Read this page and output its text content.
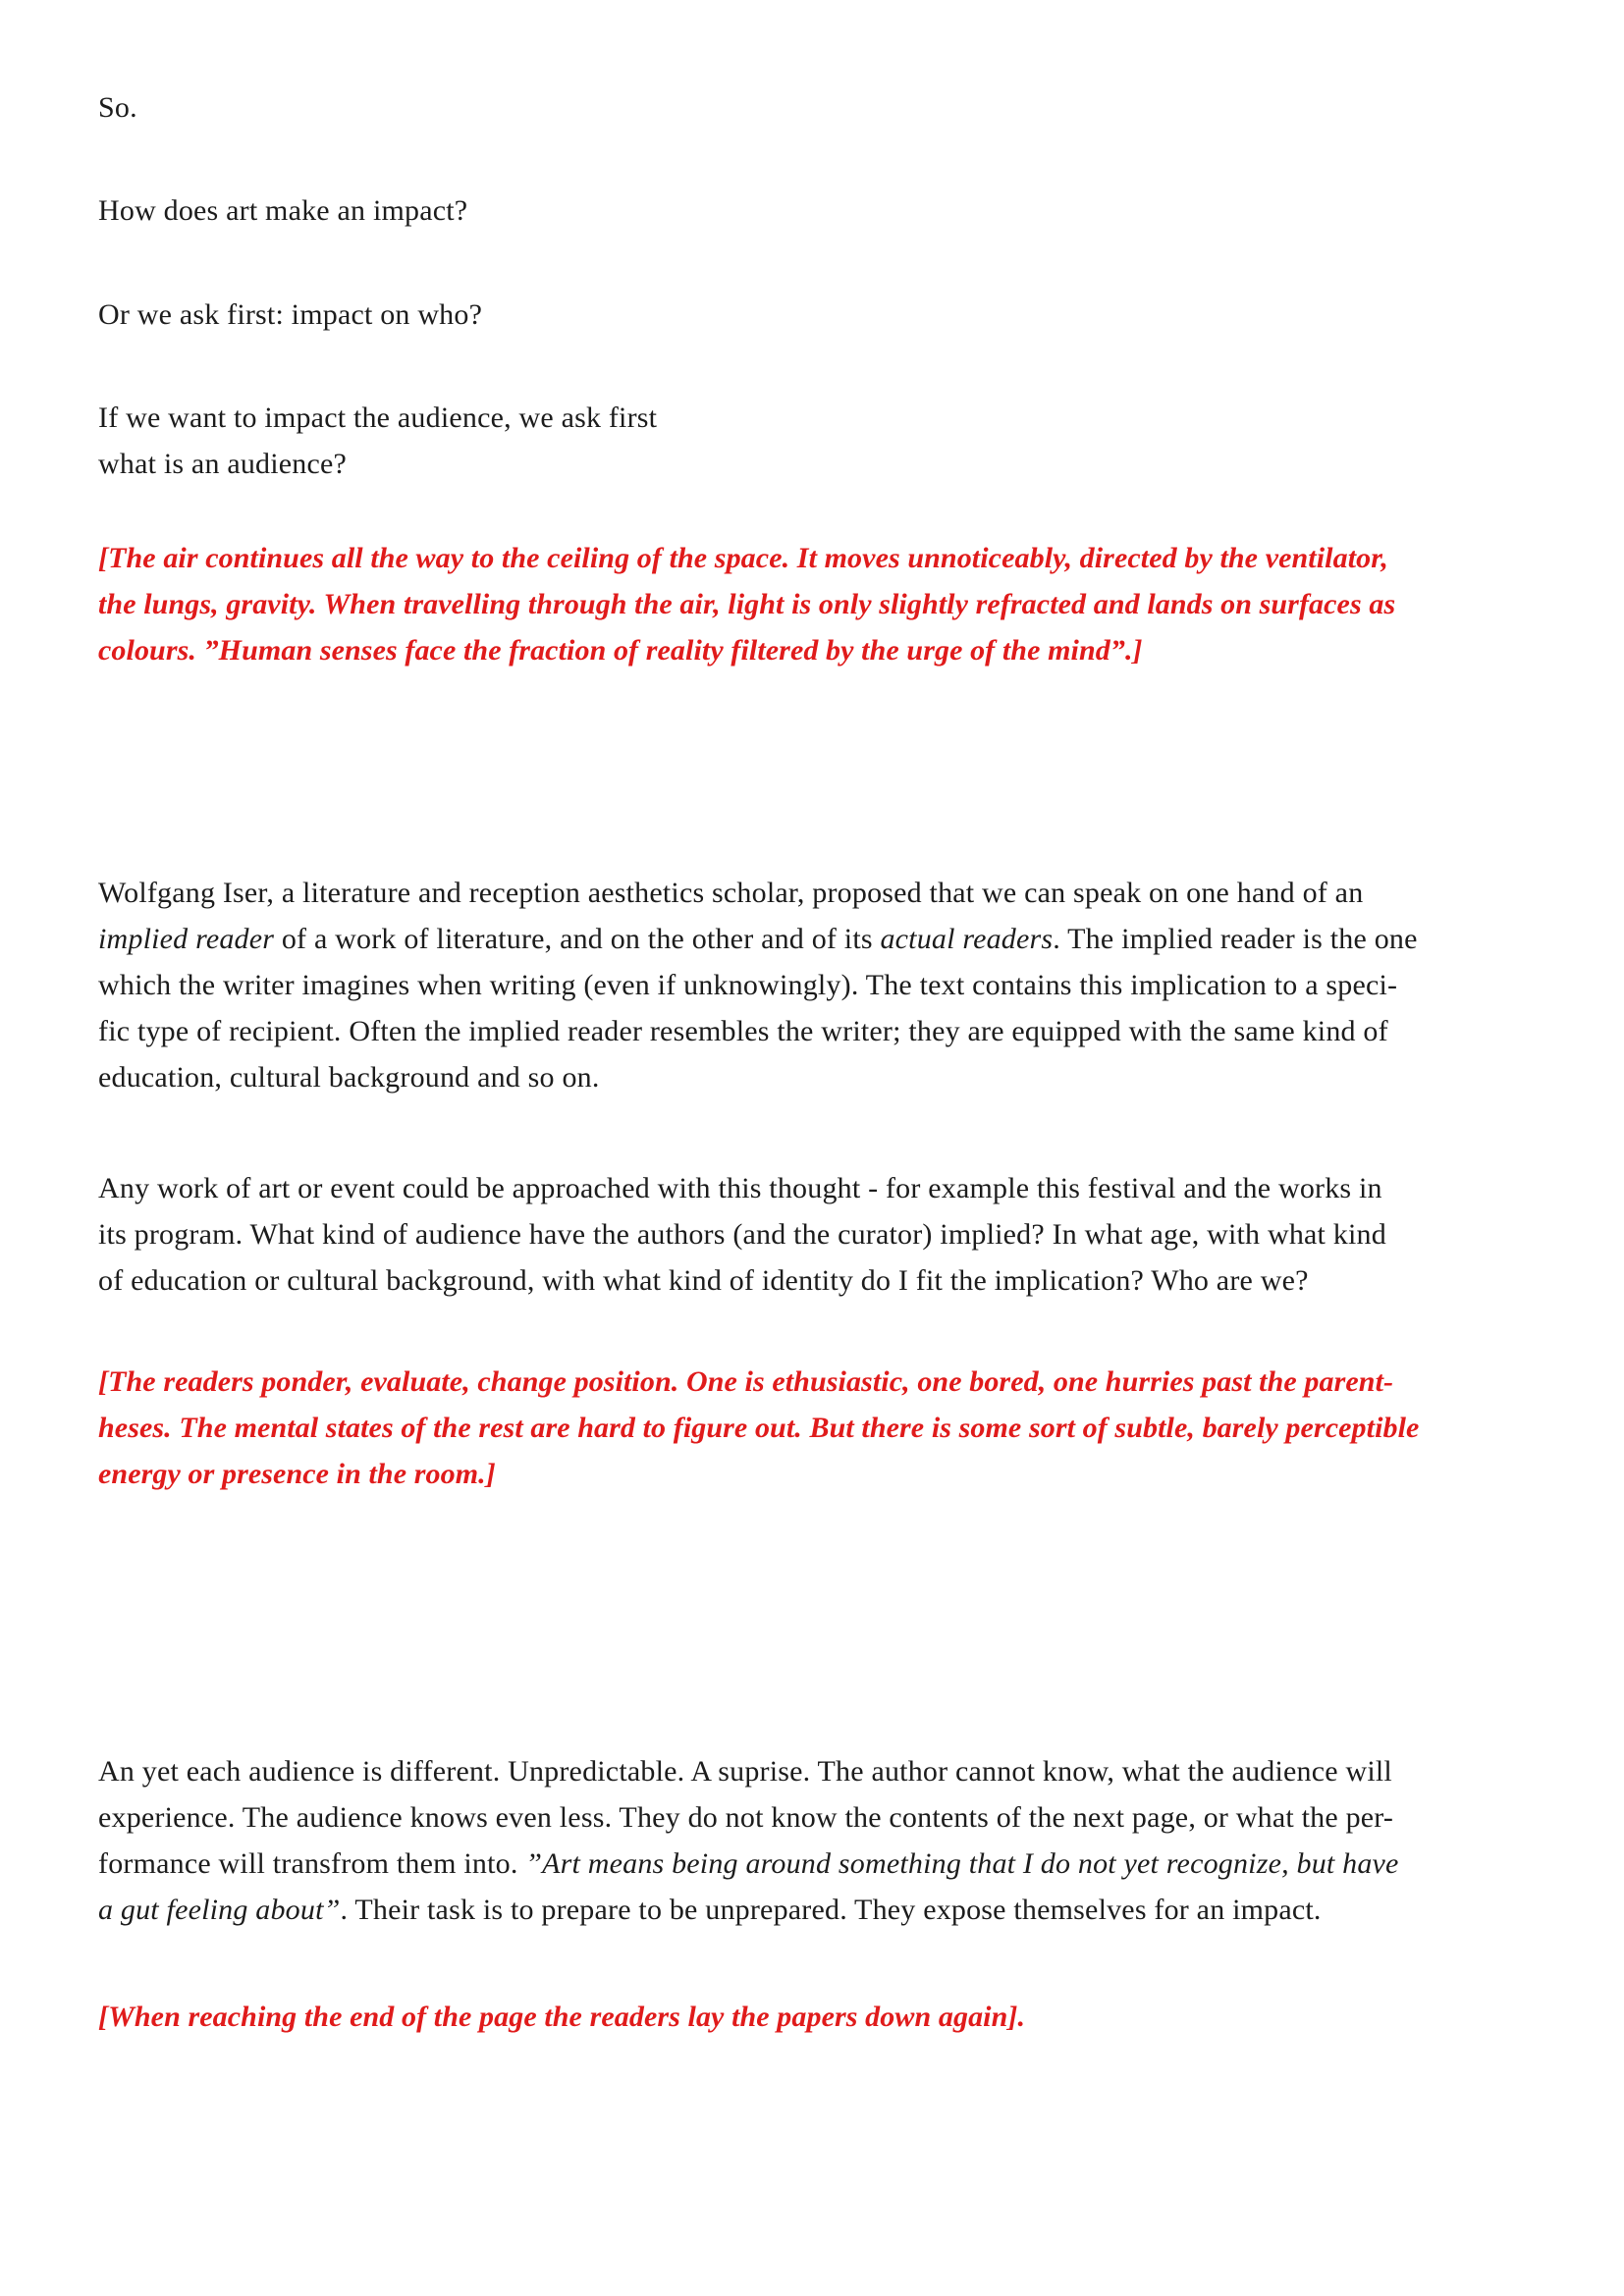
So.

How does art make an impact?

Or we ask first: impact on who?

If we want to impact the audience, we ask first
what is an audience?

[The air continues all the way to the ceiling of the space. It moves unnoticeably, directed by the ventilator,
the lungs, gravity. When travelling through the air, light is only slightly refracted and lands on surfaces as
colours. ”Human senses face the fraction of reality filtered by the urge of the mind”.]

Wolfgang Iser, a literature and reception aesthetics scholar, proposed that we can speak on one hand of an
implied reader of a work of literature, and on the other and of its actual readers. The implied reader is the one
which the writer imagines when writing (even if unknowingly). The text contains this implication to a speci-
fic type of recipient. Often the implied reader resembles the writer; they are equipped with the same kind of
education, cultural background and so on.

Any work of art or event could be approached with this thought - for example this festival and the works in
its program. What kind of audience have the authors (and the curator) implied? In what age, with what kind
of education or cultural background, with what kind of identity do I fit the implication? Who are we?

[The readers ponder, evaluate, change position. One is ethusiastic, one bored, one hurries past the parent-
heses. The mental states of the rest are hard to figure out. But there is some sort of subtle, barely perceptible
energy or presence in the room.]

An yet each audience is different. Unpredictable. A suprise. The author cannot know, what the audience will
experience. The audience knows even less. They do not know the contents of the next page, or what the per-
formance will transfrom them into. ”Art means being around something that I do not yet recognize, but have
a gut feeling about”. Their task is to prepare to be unprepared. They expose themselves for an impact.

[When reaching the end of the page the readers lay the papers down again].
